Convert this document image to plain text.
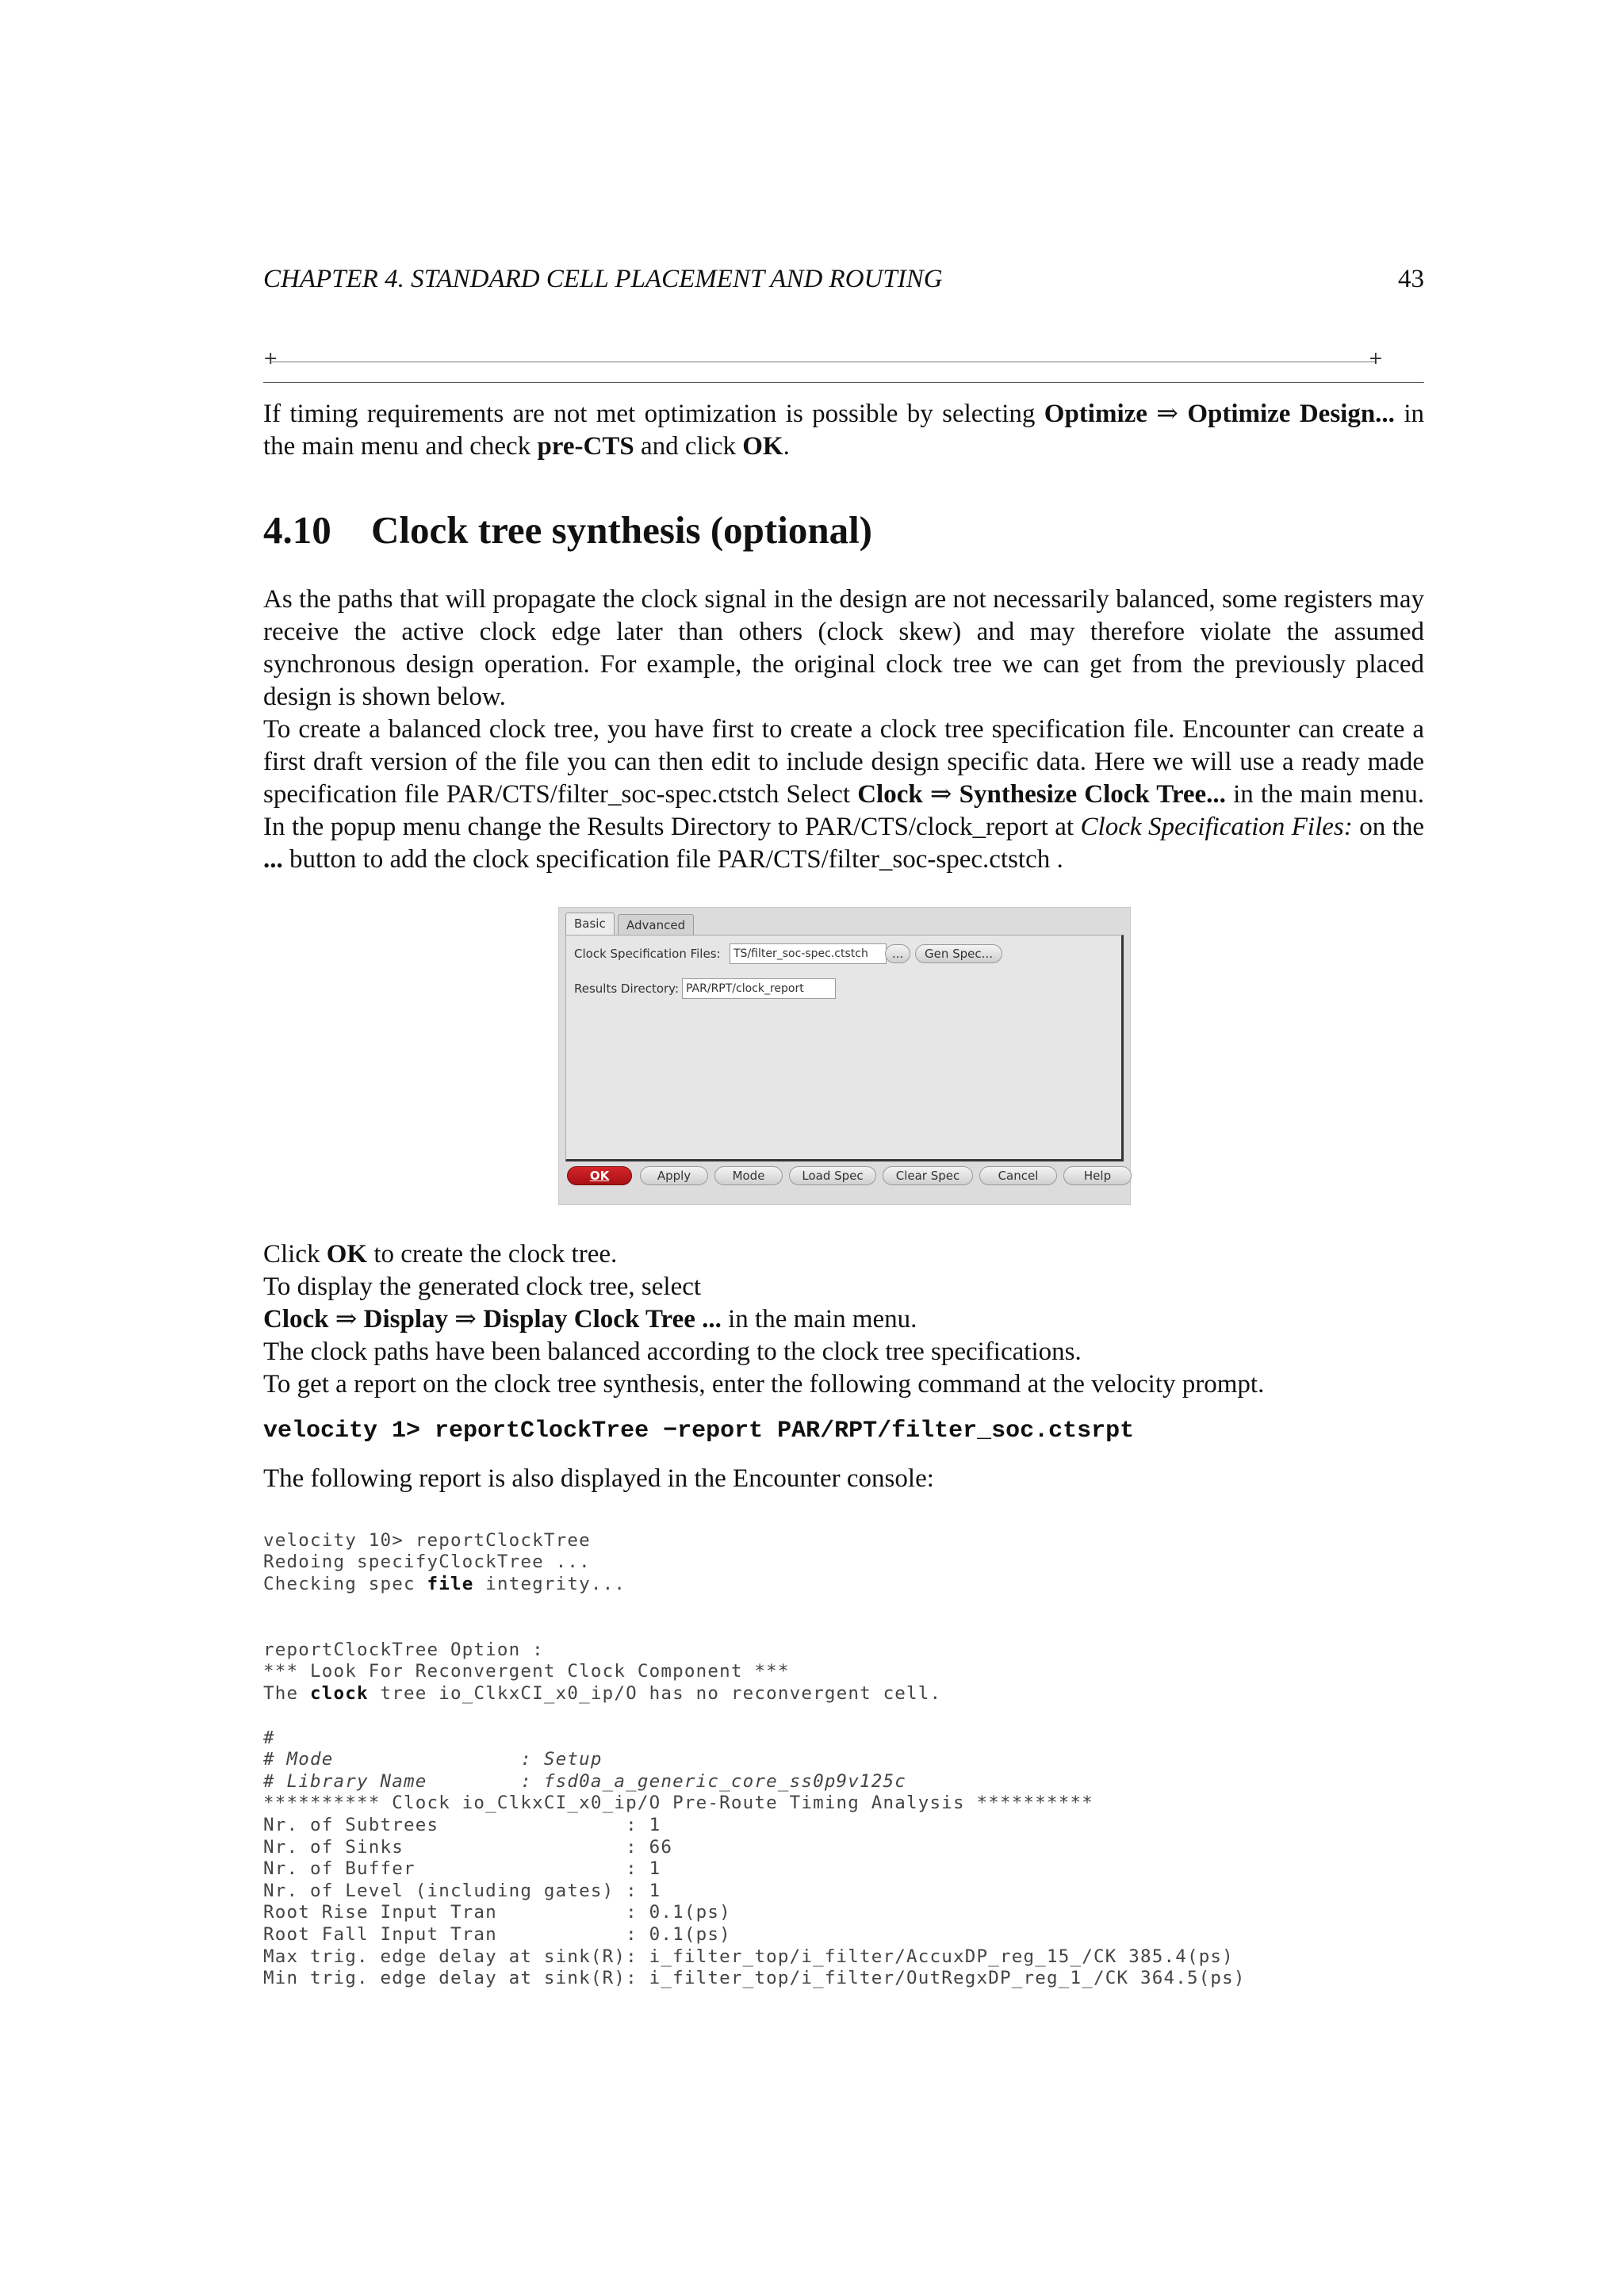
CHAPTER 4. STANDARD CELL PLACEMENT AND ROUTING	43
+	+
If timing requirements are not met optimization is possible by selecting Optimize ⇒ Optimize Design... in the main menu and check pre-CTS and click OK.
4.10 Clock tree synthesis (optional)
As the paths that will propagate the clock signal in the design are not necessarily balanced, some registers may receive the active clock edge later than others (clock skew) and may therefore violate the assumed synchronous design operation. For example, the original clock tree we can get from the previously placed design is shown below.
To create a balanced clock tree, you have first to create a clock tree specification file. Encounter can create a first draft version of the file you can then edit to include design specific data. Here we will use a ready made specification file PAR/CTS/filter_soc-spec.ctstch Select Clock ⇒ Synthesize Clock Tree... in the main menu. In the popup menu change the Results Directory to PAR/CTS/clock_report at Clock Specification Files: on the ... button to add the clock specification file PAR/CTS/filter_soc-spec.ctstch .
Basic	Advanced
Clock Specification Files:	TS/filter_soc-spec.ctstch	...	Gen Spec...
Results Directory: PAR/RPT/clock_report
OK	Apply	Mode	Load Spec	Clear Spec	Cancel	Help
Click OK to create the clock tree.
To display the generated clock tree, select
Clock ⇒ Display ⇒ Display Clock Tree ... in the main menu.
The clock paths have been balanced according to the clock tree specifications.
To get a report on the clock tree synthesis, enter the following command at the velocity prompt.
velocity 1> reportClockTree −report PAR/RPT/filter_soc.ctsrpt
The following report is also displayed in the Encounter console:

velocity 10> reportClockTree
Redoing specifyClockTree ...
Checking spec file integrity...

reportClockTree Option :
*** Look For Reconvergent Clock Component ***
The clock tree io_ClkxCI_x0_ip/O has no reconvergent cell.

#
# Mode                : Setup
# Library Name        : fsd0a_a_generic_core_ss0p9v125c
********** Clock io_ClkxCI_x0_ip/O Pre-Route Timing Analysis **********
Nr. of Subtrees                : 1
Nr. of Sinks                   : 66
Nr. of Buffer                  : 1
Nr. of Level (including gates) : 1
Root Rise Input Tran           : 0.1(ps)
Root Fall Input Tran           : 0.1(ps)
Max trig. edge delay at sink(R): i_filter_top/i_filter/AccuxDP_reg_15_/CK 385.4(ps)
Min trig. edge delay at sink(R): i_filter_top/i_filter/OutRegxDP_reg_1_/CK 364.5(ps)
